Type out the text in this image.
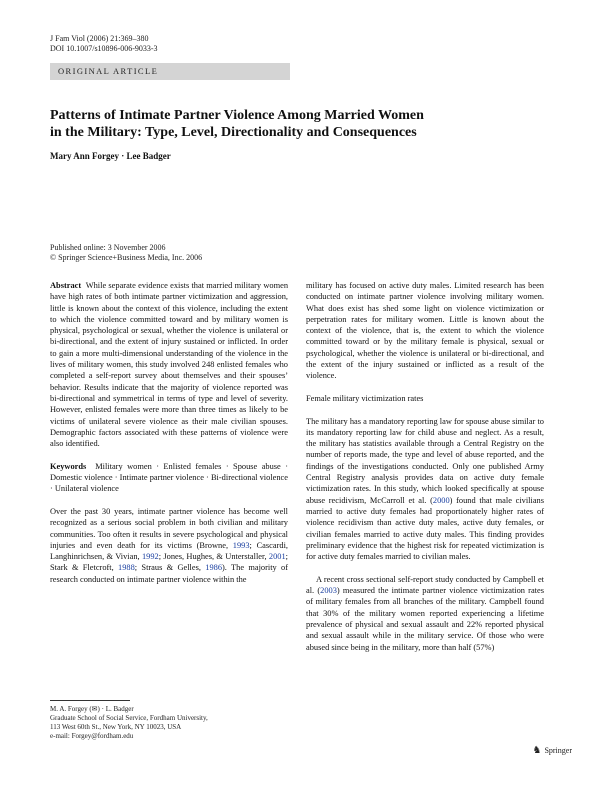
J Fam Viol (2006) 21:369–380
DOI 10.1007/s10896-006-9033-3
ORIGINAL ARTICLE
Patterns of Intimate Partner Violence Among Married Women
in the Military: Type, Level, Directionality and Consequences
Mary Ann Forgey · Lee Badger
Published online: 3 November 2006
© Springer Science+Business Media, Inc. 2006

Abstract While separate evidence exists that married military women have high rates of both intimate partner victimization and aggression, little is known about the context of this violence, including the extent to which the violence committed toward and by military women is physical, psychological or sexual, whether the violence is unilateral or bi-directional, and the extent of injury sustained or inflicted. In order to gain a more multi-dimensional understanding of the violence in the lives of military women, this study involved 248 enlisted females who completed a self-report survey about themselves and their spouses’ behavior. Results indicate that the majority of violence reported was bi-directional and symmetrical in terms of type and level of severity. However, enlisted females were more than three times as likely to be victims of unilateral severe violence as their male civilian spouses. Demographic factors associated with these patterns of violence were also identified.

Keywords Military women · Enlisted females · Spouse abuse · Domestic violence · Intimate partner violence · Bi-directional violence · Unilateral violence

Over the past 30 years, intimate partner violence has become well recognized as a serious social problem in both civilian and military communities. Too often it results in severe psychological and physical injuries and even death for its victims (Browne, 1993; Cascardi, Langhinrichsen, & Vivian, 1992; Jones, Hughes, & Unterstaller, 2001; Stark & Fletcroft, 1988; Straus & Gelles, 1986). The majority of research conducted on intimate partner violence within the

M. A. Forgey (✉) · L. Badger
Graduate School of Social Service, Fordham University,
113 West 60th St., New York, NY 10023, USA
e-mail: Forgey@fordham.edu

military has focused on active duty males. Limited research has been conducted on intimate partner violence involving military women. What does exist has shed some light on violence victimization or perpetration rates for military women. Little is known about the context of the violence, that is, the extent to which the violence committed toward or by the military female is physical, sexual or psychological, whether the violence is unilateral or bi-directional, and the extent of the injury sustained or inflicted as a result of the violence.

Female military victimization rates

The military has a mandatory reporting law for spouse abuse similar to its mandatory reporting law for child abuse and neglect. As a result, the military has statistics available through a Central Registry on the number of reports made, the type and level of abuse reported, and the findings of the investigations conducted. Only one published Army Central Registry analysis provides data on active duty female victimization rates. In this study, which looked specifically at spouse abuse recidivism, McCarroll et al. (2000) found that male civilians married to active duty females had proportionately higher rates of violence recidivism than active duty males, active duty females, or civilian females married to active duty males. This finding provides preliminary evidence that the highest risk for repeated victimization is for active duty females married to civilian males.

A recent cross sectional self-report study conducted by Campbell et al. (2003) measured the intimate partner violence victimization rates of military females from all branches of the military. Campbell found that 30% of the military women reported experiencing a lifetime prevalence of physical and sexual assault and 22% reported physical and sexual assault while in the military service. Of those who were abused since being in the military, more than half (57%)

♞ Springer
